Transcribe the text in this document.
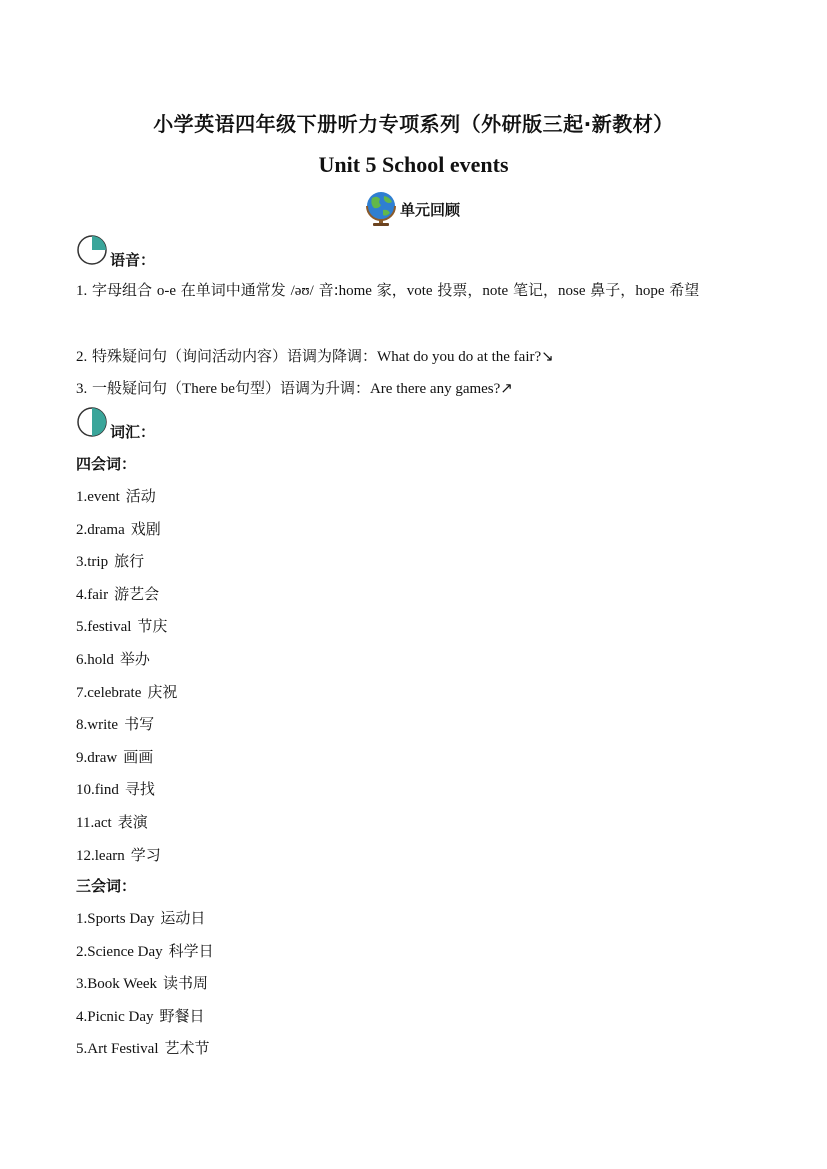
小学英语四年级下册听力专项系列（外研版三起·新教材）
Unit 5 School events
单元回顾
语音：
1. 字母组合 o-e 在单词中通常发 /əʊ/ 音:home 家，vote 投票，note 笔记，nose 鼻子，hope 希望
2. 特殊疑问句（询问活动内容）语调为降调：What do you do at the fair?↘
3. 一般疑问句（There be句型）语调为升调：Are there any games?↗
词汇：
四会词：
1.event 活动
2.drama 戏剧
3.trip 旅行
4.fair 游艺会
5.festival 节庆
6.hold 举办
7.celebrate 庆祝
8.write 书写
9.draw 画画
10.find 寻找
11.act 表演
12.learn 学习
三会词：
1.Sports Day 运动日
2.Science Day 科学日
3.Book Week 读书周
4.Picnic Day 野餐日
5.Art Festival 艺术节
